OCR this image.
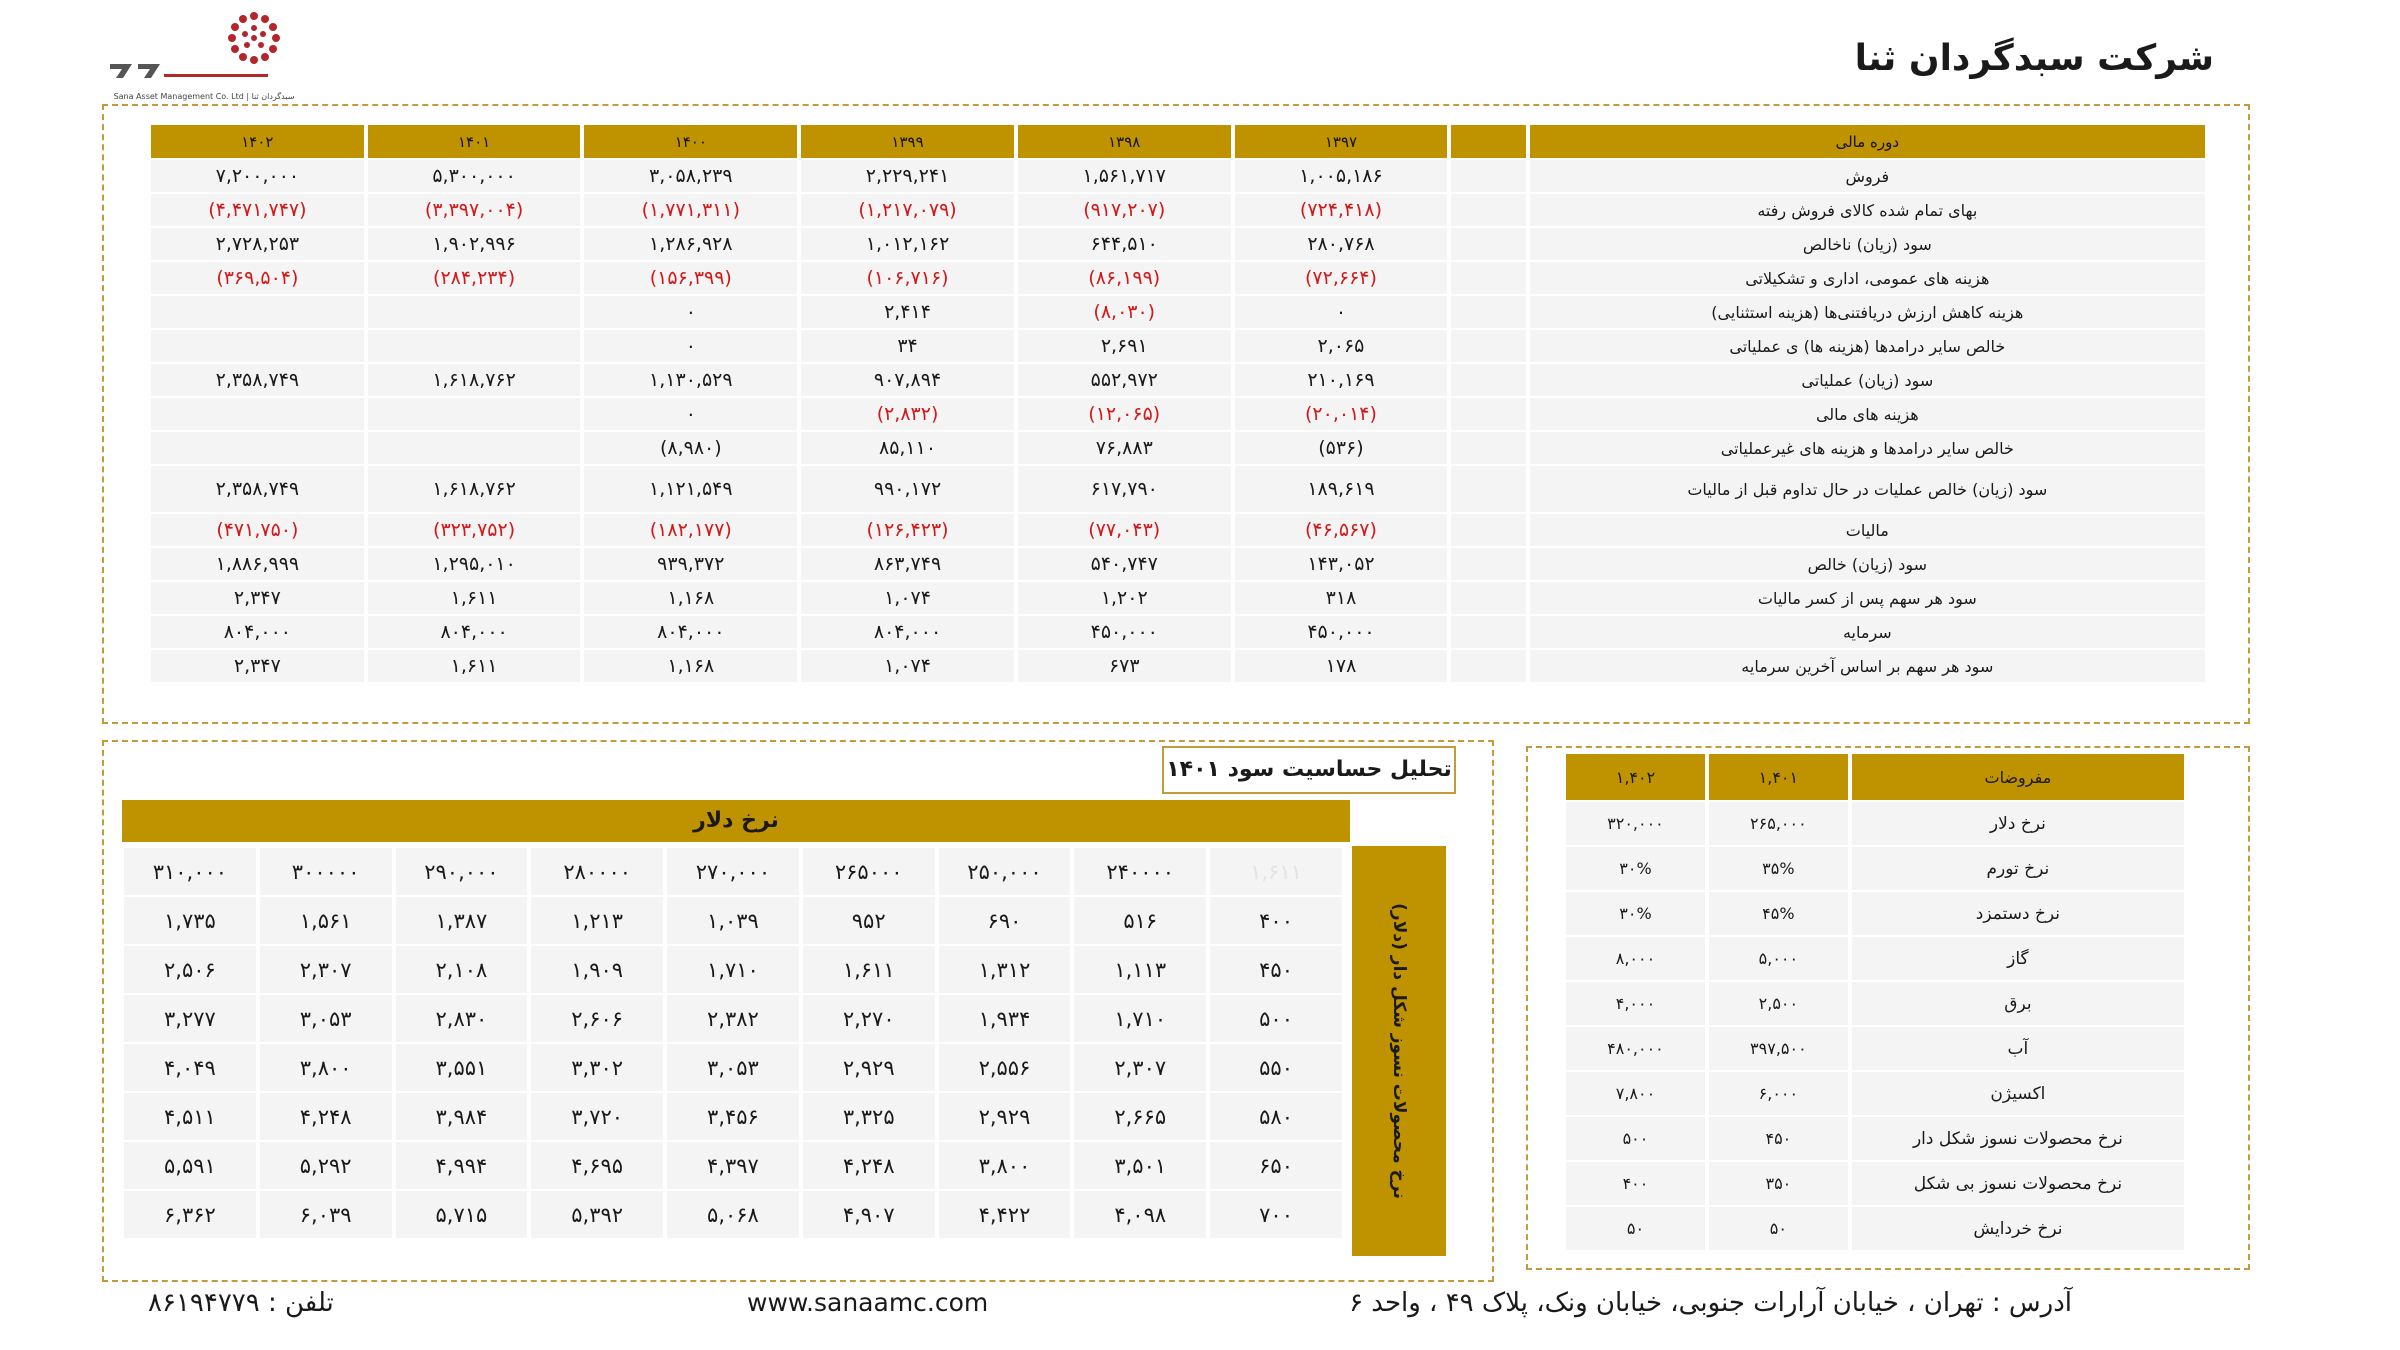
Sana Asset Management Co. Ltd | سبدگردان ثنا
شرکت سبدگردان ثنا
دوره مالی		۱۳۹۷	۱۳۹۸	۱۳۹۹	۱۴۰۰	۱۴۰۱	۱۴۰۲
فروش		۱,۰۰۵,۱۸۶	۱,۵۶۱,۷۱۷	۲,۲۲۹,۲۴۱	۳,۰۵۸,۲۳۹	۵,۳۰۰,۰۰۰	۷,۲۰۰,۰۰۰
بهای تمام شده کالای فروش رفته		(۷۲۴,۴۱۸)	(۹۱۷,۲۰۷)	(۱,۲۱۷,۰۷۹)	(۱,۷۷۱,۳۱۱)	(۳,۳۹۷,۰۰۴)	(۴,۴۷۱,۷۴۷)
سود (زیان) ناخالص		۲۸۰,۷۶۸	۶۴۴,۵۱۰	۱,۰۱۲,۱۶۲	۱,۲۸۶,۹۲۸	۱,۹۰۲,۹۹۶	۲,۷۲۸,۲۵۳
هزینه های عمومی، اداری و تشکیلاتی		(۷۲,۶۶۴)	(۸۶,۱۹۹)	(۱۰۶,۷۱۶)	(۱۵۶,۳۹۹)	(۲۸۴,۲۳۴)	(۳۶۹,۵۰۴)
هزینه کاهش ارزش دریافتنی‌ها (هزینه استثنایی)		۰	(۸,۰۳۰)	۲,۴۱۴	۰		
خالص سایر درامدها (هزینه ها) ی عملیاتی		۲,۰۶۵	۲,۶۹۱	۳۴	۰		
سود (زیان) عملیاتی		۲۱۰,۱۶۹	۵۵۲,۹۷۲	۹۰۷,۸۹۴	۱,۱۳۰,۵۲۹	۱,۶۱۸,۷۶۲	۲,۳۵۸,۷۴۹
هزینه های مالی		(۲۰,۰۱۴)	(۱۲,۰۶۵)	(۲,۸۳۲)	۰		
خالص سایر درامدها و هزینه های غیرعملیاتی		(۵۳۶)	۷۶,۸۸۳	۸۵,۱۱۰	(۸,۹۸۰)		
سود (زیان) خالص عملیات در حال تداوم قبل از مالیات		۱۸۹,۶۱۹	۶۱۷,۷۹۰	۹۹۰,۱۷۲	۱,۱۲۱,۵۴۹	۱,۶۱۸,۷۶۲	۲,۳۵۸,۷۴۹
مالیات		(۴۶,۵۶۷)	(۷۷,۰۴۳)	(۱۲۶,۴۲۳)	(۱۸۲,۱۷۷)	(۳۲۳,۷۵۲)	(۴۷۱,۷۵۰)
سود (زیان) خالص		۱۴۳,۰۵۲	۵۴۰,۷۴۷	۸۶۳,۷۴۹	۹۳۹,۳۷۲	۱,۲۹۵,۰۱۰	۱,۸۸۶,۹۹۹
سود هر سهم پس از کسر مالیات		۳۱۸	۱,۲۰۲	۱,۰۷۴	۱,۱۶۸	۱,۶۱۱	۲,۳۴۷
سرمایه		۴۵۰,۰۰۰	۴۵۰,۰۰۰	۸۰۴,۰۰۰	۸۰۴,۰۰۰	۸۰۴,۰۰۰	۸۰۴,۰۰۰
سود هر سهم بر اساس آخرین سرمایه		۱۷۸	۶۷۳	۱,۰۷۴	۱,۱۶۸	۱,۶۱۱	۲,۳۴۷
تحلیل حساسیت سود ۱۴۰۱
نرخ دلار
نرخ محصولات نسوز شکل دار (دلار)
۳۱۰,۰۰۰	۳۰۰۰۰۰	۲۹۰,۰۰۰	۲۸۰۰۰۰	۲۷۰,۰۰۰	۲۶۵۰۰۰	۲۵۰,۰۰۰	۲۴۰۰۰۰	۱,۶۱۱
۱,۷۳۵	۱,۵۶۱	۱,۳۸۷	۱,۲۱۳	۱,۰۳۹	۹۵۲	۶۹۰	۵۱۶	۴۰۰
۲,۵۰۶	۲,۳۰۷	۲,۱۰۸	۱,۹۰۹	۱,۷۱۰	۱,۶۱۱	۱,۳۱۲	۱,۱۱۳	۴۵۰
۳,۲۷۷	۳,۰۵۳	۲,۸۳۰	۲,۶۰۶	۲,۳۸۲	۲,۲۷۰	۱,۹۳۴	۱,۷۱۰	۵۰۰
۴,۰۴۹	۳,۸۰۰	۳,۵۵۱	۳,۳۰۲	۳,۰۵۳	۲,۹۲۹	۲,۵۵۶	۲,۳۰۷	۵۵۰
۴,۵۱۱	۴,۲۴۸	۳,۹۸۴	۳,۷۲۰	۳,۴۵۶	۳,۳۲۵	۲,۹۲۹	۲,۶۶۵	۵۸۰
۵,۵۹۱	۵,۲۹۲	۴,۹۹۴	۴,۶۹۵	۴,۳۹۷	۴,۲۴۸	۳,۸۰۰	۳,۵۰۱	۶۵۰
۶,۳۶۲	۶,۰۳۹	۵,۷۱۵	۵,۳۹۲	۵,۰۶۸	۴,۹۰۷	۴,۴۲۲	۴,۰۹۸	۷۰۰
مفروضات	۱,۴۰۱	۱,۴۰۲
نرخ دلار	۲۶۵,۰۰۰	۳۲۰,۰۰۰
نرخ تورم	۳۵%	۳۰%
نرخ دستمزد	۴۵%	۳۰%
گاز	۵,۰۰۰	۸,۰۰۰
برق	۲,۵۰۰	۴,۰۰۰
آب	۳۹۷,۵۰۰	۴۸۰,۰۰۰
اکسیژن	۶,۰۰۰	۷,۸۰۰
نرخ محصولات نسوز شکل دار	۴۵۰	۵۰۰
نرخ محصولات نسوز بی شکل	۳۵۰	۴۰۰
نرخ خردایش	۵۰	۵۰
تلفن : ۸۶۱۹۴۷۷۹	www.sanaamc.com	آدرس : تهران ، خیابان آرارات جنوبی، خیابان ونک، پلاک ۴۹ ، واحد ۶
